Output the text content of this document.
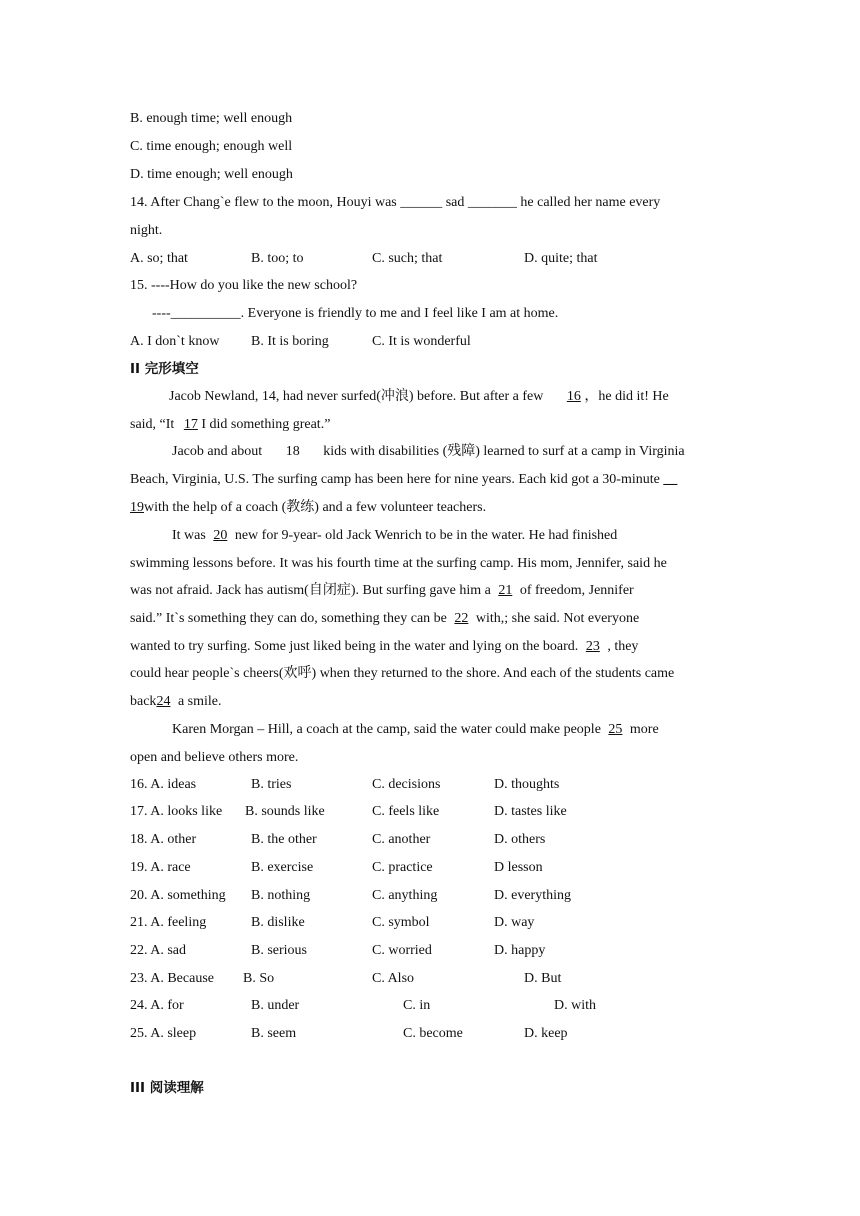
B. enough time; well enough
C. time enough; enough well
D. time enough; well enough
14. After Chang`e flew to the moon, Houyi was ______ sad _______ he called her name every
night.
A. so; that	B. too; to	C. such; that	D. quite; that
15. ----How do you like the new school?
----__________. Everyone is friendly to me and I feel like I am at home.
A. I don`t know B. It is boring	C. It is wonderful
II 完形填空
Jacob Newland, 14, had never surfed(冲浪) before. But after a few 16 ，he did it! He
said, “It 17 I did something great.”
Jacob and about 18 kids with disabilities (残障) learned to surf at a camp in Virginia
Beach, Virginia, U.S. The surfing camp has been here for nine years. Each kid got a 30-minute __
19with the help of a coach (教练) and a few volunteer teachers.
It was 20 new for 9-year- old Jack Wenrich to be in the water. He had finished
swimming lessons before. It was his fourth time at the surfing camp. His mom, Jennifer, said he
was not afraid. Jack has autism(自闭症). But surfing gave him a 21 of freedom, Jennifer
said.” It`s something they can do, something they can be 22 with,; she said. Not everyone
wanted to try surfing. Some just liked being in the water and lying on the board. 23 , they
could hear people`s cheers(欢呼) when they returned to the shore. And each of the students came
back24 a smile.
Karen Morgan – Hill, a coach at the camp, said the water could make people 25 more
open and believe others more.
16. A. ideas	B. tries	C. decisions	D. thoughts
17. A. looks like B. sounds like	C. feels like	D. tastes like
18. A. other	B. the other	C. another	D. others
19. A. race	B. exercise	C. practice	D lesson
20. A. something B. nothing	C. anything	D. everything
21. A. feeling	B. dislike	C. symbol	D. way
22. A. sad	B. serious	C. worried	D. happy
23. A. Because B. So	C. Also	D. But
24. A. for	B. under	C. in	D. with
25. A. sleep	B. seem	C. become	D. keep
III 阅读理解
